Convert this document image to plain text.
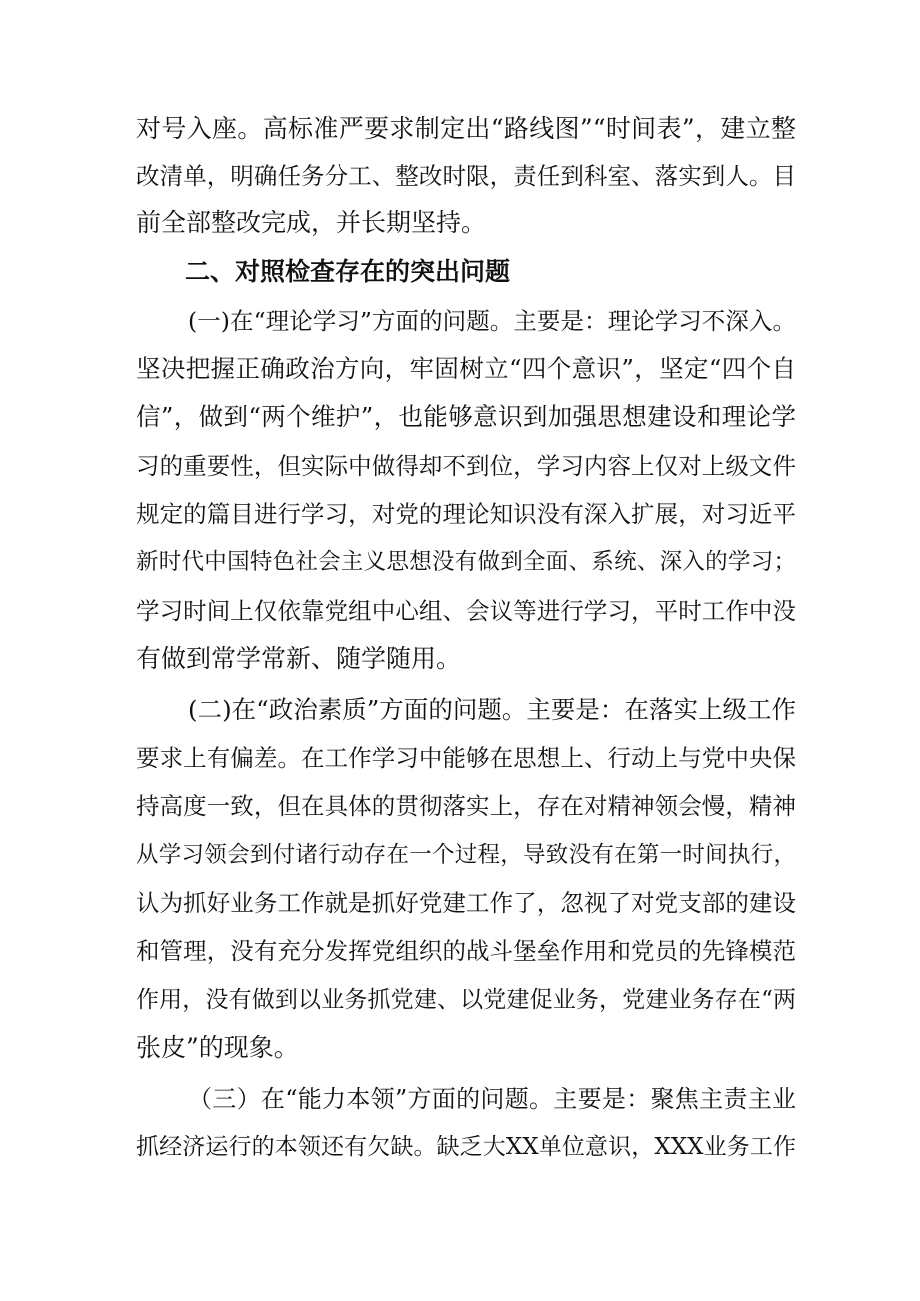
对号入座。高标准严要求制定出“路线图”“时间表”，建立整
改清单，明确任务分工、整改时限，责任到科室、落实到人。目
前全部整改完成，并长期坚持。
二、对照检查存在的突出问题
(一)在“理论学习”方面的问题。主要是：理论学习不深入。
坚决把握正确政治方向，牢固树立“四个意识”，坚定“四个自
信”，做到“两个维护”，也能够意识到加强思想建设和理论学
习的重要性，但实际中做得却不到位，学习内容上仅对上级文件
规定的篇目进行学习，对党的理论知识没有深入扩展，对习近平
新时代中国特色社会主义思想没有做到全面、系统、深入的学习；
学习时间上仅依靠党组中心组、会议等进行学习，平时工作中没
有做到常学常新、随学随用。
(二)在“政治素质”方面的问题。主要是：在落实上级工作
要求上有偏差。在工作学习中能够在思想上、行动上与党中央保
持高度一致，但在具体的贯彻落实上，存在对精神领会慢，精神
从学习领会到付诸行动存在一个过程，导致没有在第一时间执行，
认为抓好业务工作就是抓好党建工作了，忽视了对党支部的建设
和管理，没有充分发挥党组织的战斗堡垒作用和党员的先锋模范
作用，没有做到以业务抓党建、以党建促业务，党建业务存在“两
张皮”的现象。
（三）在“能力本领”方面的问题。主要是：聚焦主责主业
抓经济运行的本领还有欠缺。缺乏大XX单位意识，XXX业务工作
